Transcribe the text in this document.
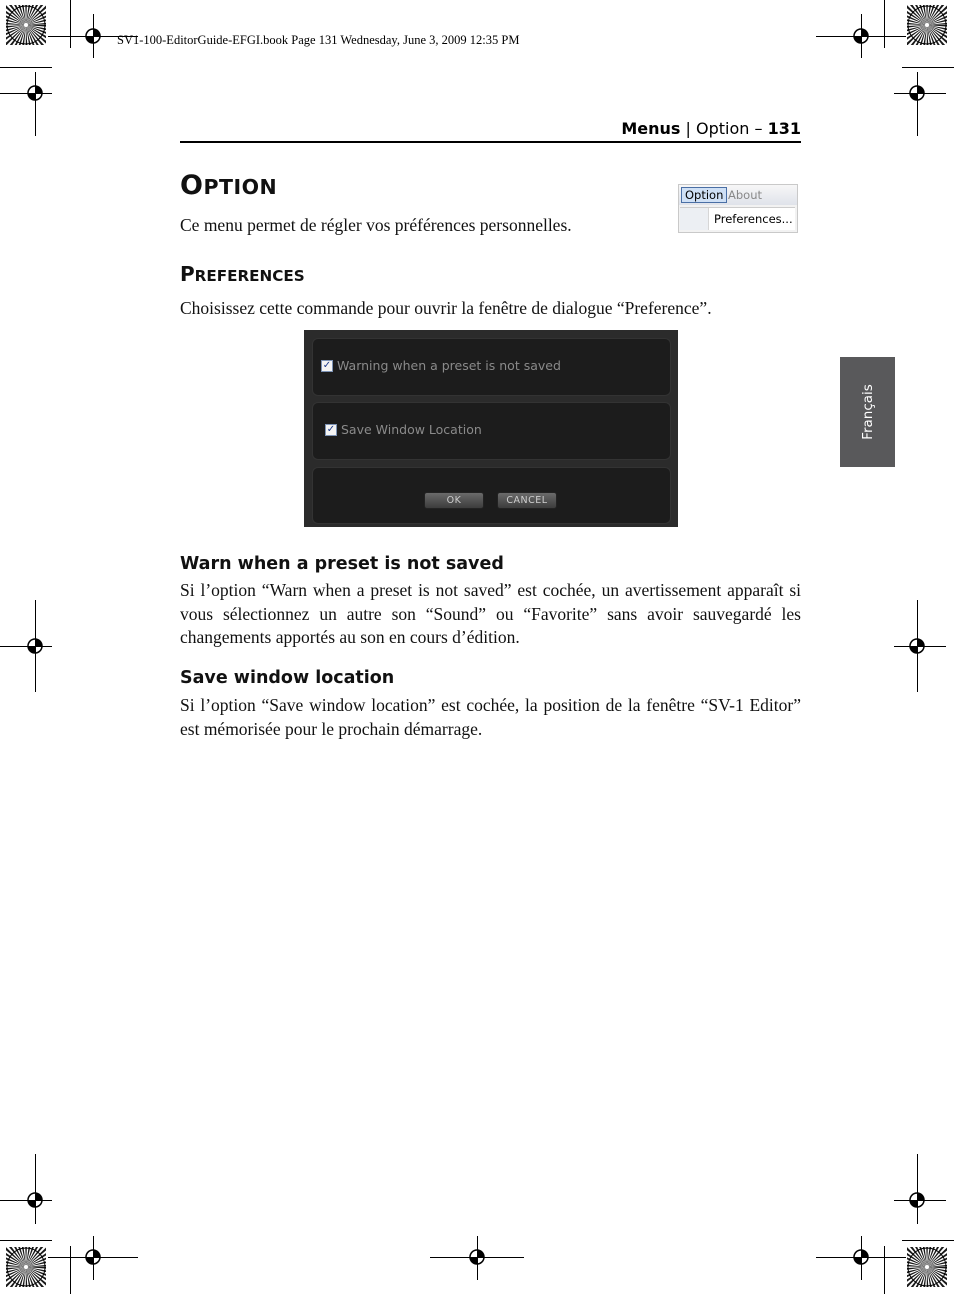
SV1-100-EditorGuide-EFGI.book Page 131 Wednesday, June 3, 2009 12:35 PM
Menus | Option – 131
OPTION
Ce menu permet de régler vos préférences personnelles.
Option About
Preferences...
PREFERENCES
Choisissez cette commande pour ouvrir la fenêtre de dialogue “Preference”.
✓ Warning when a preset is not saved
✓ Save Window Location
OK	CANCEL
Warn when a preset is not saved
Si l’option “Warn when a preset is not saved” est cochée, un avertissement apparaît si vous sélectionnez un autre son “Sound” ou “Favorite” sans avoir sauvegardé les changements apportés au son en cours d’édition.
Save window location
Si l’option “Save window location” est cochée, la position de la fenêtre “SV-1 Editor” est mémorisée pour le prochain démarrage.
Français
